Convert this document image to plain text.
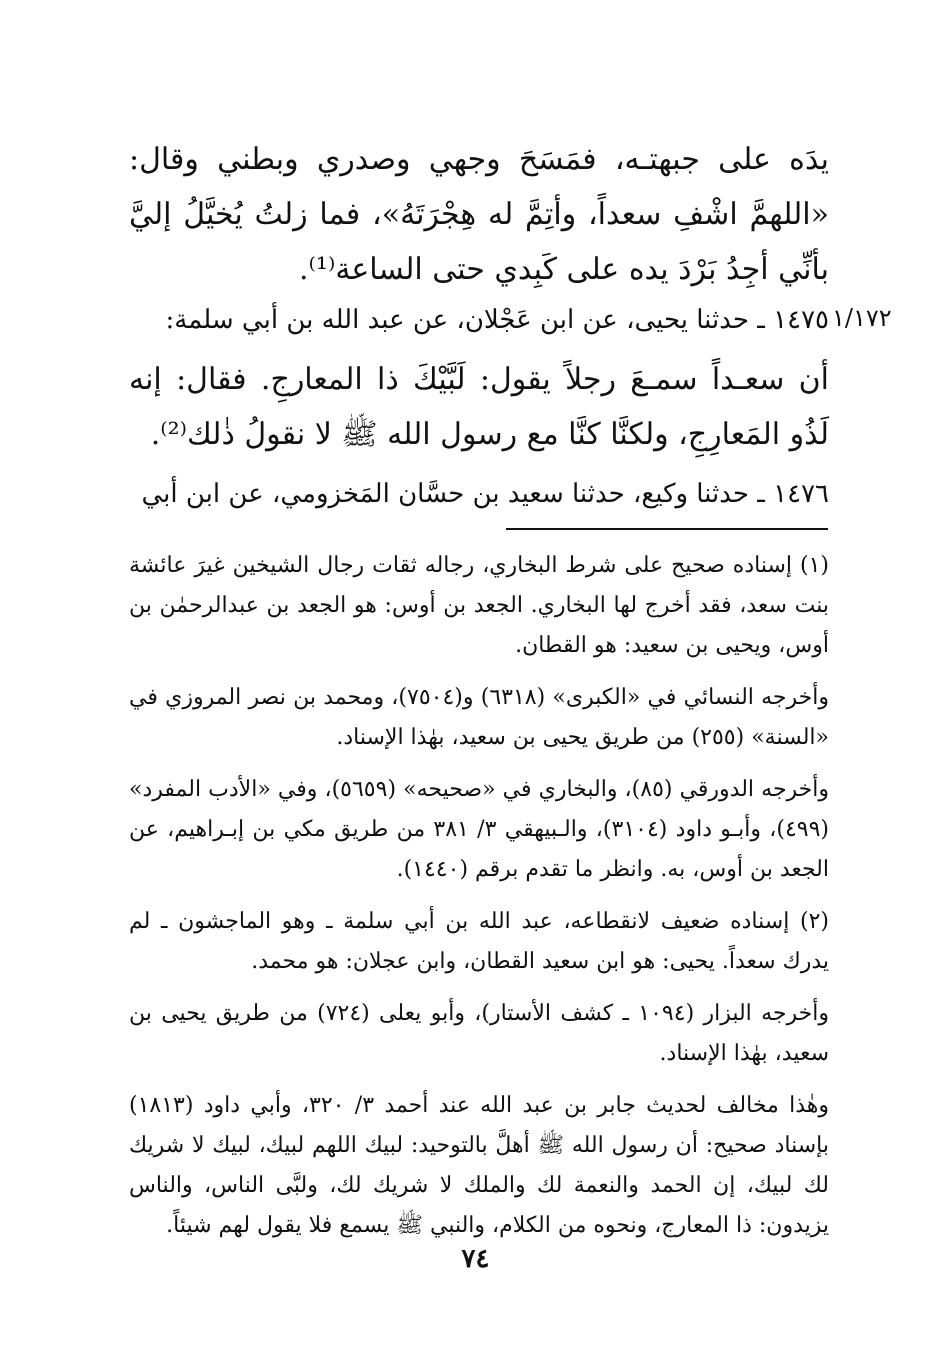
يدَه على جبهتـه، فمَسَحَ وجهي وصدري وبطني وقال: «اللهمَّ اشْفِ سعداً، وأتِمَّ له هِجْرَتَهُ»، فما زلتُ يُخيَّلُ إليَّ بأنِّي أجِدُ بَرْدَ يده على كَبِدي حتى الساعة⁽¹⁾.
١/١٧٢
١٤٧٥ ـ حدثنا يحيى، عن ابن عَجْلان، عن عبد الله بن أبي سلمة:
أن سعـداً سمـعَ رجلاً يقول: لَبَّيْكَ ذا المعارجِ. فقال: إنه لَذُو المَعارِجِ، ولكنَّا كنَّا مع رسول الله ﷺ لا نقولُ ذٰلك⁽²⁾.
١٤٧٦ ـ حدثنا وكيع، حدثنا سعيد بن حسَّان المَخزومي، عن ابن أبي

(١) إسناده صحيح على شرط البخاري، رجاله ثقات رجال الشيخين غيرَ عائشة بنت سعد، فقد أخرج لها البخاري. الجعد بن أوس: هو الجعد بن عبدالرحمٰن بن أوس، ويحيى بن سعيد: هو القطان.

وأخرجه النسائي في «الكبرى» (٦٣١٨) و(٧٥٠٤)، ومحمد بن نصر المروزي في «السنة» (٢٥٥) من طريق يحيى بن سعيد، بهٰذا الإسناد.

وأخرجه الدورقي (٨٥)، والبخاري في «صحيحه» (٥٦٥٩)، وفي «الأدب المفرد» (٤٩٩)، وأبـو داود (٣١٠٤)، والـبيهقي ٣/ ٣٨١ من طريق مكي بن إبـراهيم، عن الجعد بن أوس، به. وانظر ما تقدم برقم (١٤٤٠).

(٢) إسناده ضعيف لانقطاعه، عبد الله بن أبي سلمة ـ وهو الماجشون ـ لم يدرك سعداً. يحيى: هو ابن سعيد القطان، وابن عجلان: هو محمد.

وأخرجه البزار (١٠٩٤ ـ كشف الأستار)، وأبو يعلى (٧٢٤) من طريق يحيى بن سعيد، بهٰذا الإسناد.

وهٰذا مخالف لحديث جابر بن عبد الله عند أحمد ٣/ ٣٢٠، وأبي داود (١٨١٣) بإسناد صحيح: أن رسول الله ﷺ أهلَّ بالتوحيد: لبيك اللهم لبيك، لبيك لا شريك لك لبيك، إن الحمد والنعمة لك والملك لا شريك لك، ولبَّى الناس، والناس يزيدون: ذا المعارج، ونحوه من الكلام، والنبي ﷺ يسمع فلا يقول لهم شيئاً.

٧٤
